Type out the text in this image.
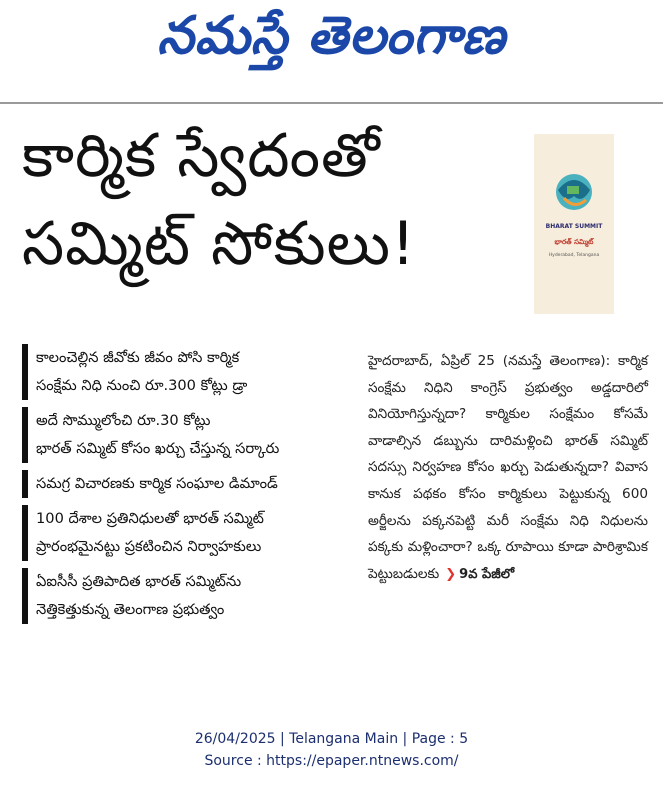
నమస్తే తెలంగాణ
కార్మిక స్వేదంతో
సమ్మిట్ సోకులు!	BHARAT SUMMIT
భారత్ సమ్మిట్
Hyderabad, Telangana
కాలంచెల్లిన జీవోకు జీవం పోసి కార్మిక
సంక్షేమ నిధి నుంచి రూ.300 కోట్లు డ్రా
అదే సొమ్ములోంచి రూ.30 కోట్లు
భారత్ సమ్మిట్ కోసం ఖర్చు చేస్తున్న సర్కారు
సమగ్ర విచారణకు కార్మిక సంఘాల డిమాండ్
100 దేశాల ప్రతినిధులతో భారత్ సమ్మిట్
ప్రారంభమైనట్టు ప్రకటించిన నిర్వాహకులు
ఏఐసీసీ ప్రతిపాదిత భారత్ సమ్మిట్‌ను
నెత్తికెత్తుకున్న తెలంగాణ ప్రభుత్వం

హైదరాబాద్, ఏప్రిల్ 25 (నమస్తే తెలంగాణ): కార్మిక సంక్షేమ నిధిని కాంగ్రెస్ ప్రభుత్వం అడ్డదారిలో వినియోగిస్తున్నదా? కార్మికుల సంక్షేమం కోసమే వాడాల్సిన డబ్బును దారిమళ్లించి భారత్ సమ్మిట్ సదస్సు నిర్వహణ కోసం ఖర్చు పెడుతున్నదా? వివాస కానుక పథకం కోసం కార్మికులు పెట్టుకున్న 600 అర్జీలను పక్కనపెట్టి మరీ సంక్షేమ నిధి నిధులను పక్కకు మళ్లించారా? ఒక్క రూపాయి కూడా పారిశ్రామిక పెట్టుబడులకు ❯ 9వ పేజీలో

26/04/2025 | Telangana Main | Page : 5
Source : https://epaper.ntnews.com/
